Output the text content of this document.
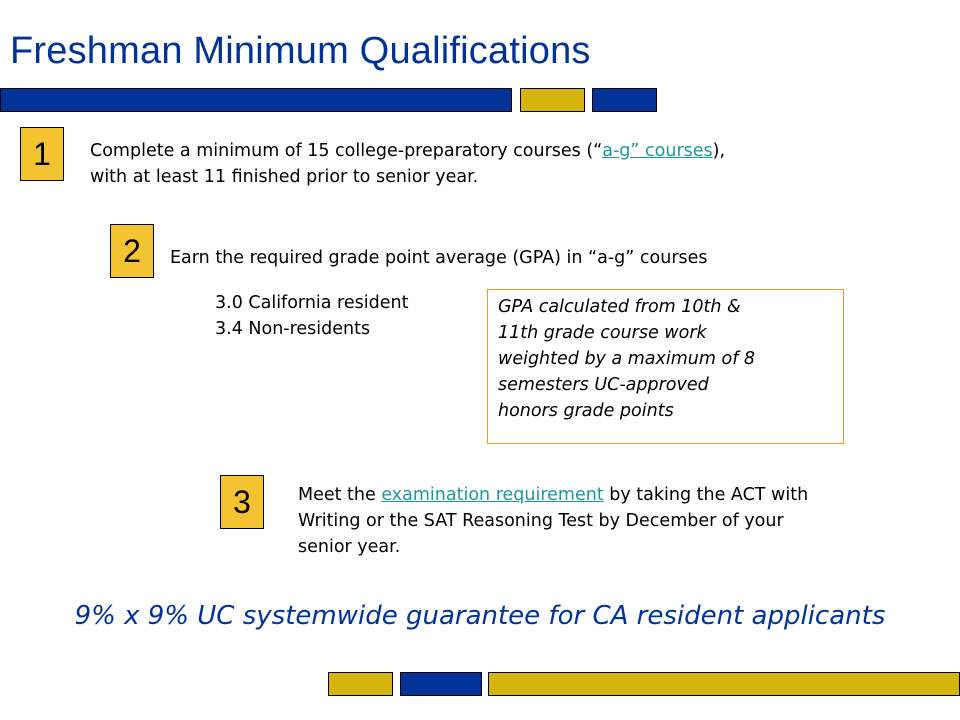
Freshman Minimum Qualifications
1	Complete a minimum of 15 college-preparatory courses (“a-g” courses),
with at least 11 finished prior to senior year.
2	Earn the required grade point average (GPA) in “a-g” courses
3.0 California resident
3.4 Non-residents
GPA calculated from 10th &
11th grade course work
weighted by a maximum of 8
semesters UC-approved
honors grade points
3	Meet the examination requirement by taking the ACT with
Writing or the SAT Reasoning Test by December of your
senior year.
9% x 9% UC systemwide guarantee for CA resident applicants
